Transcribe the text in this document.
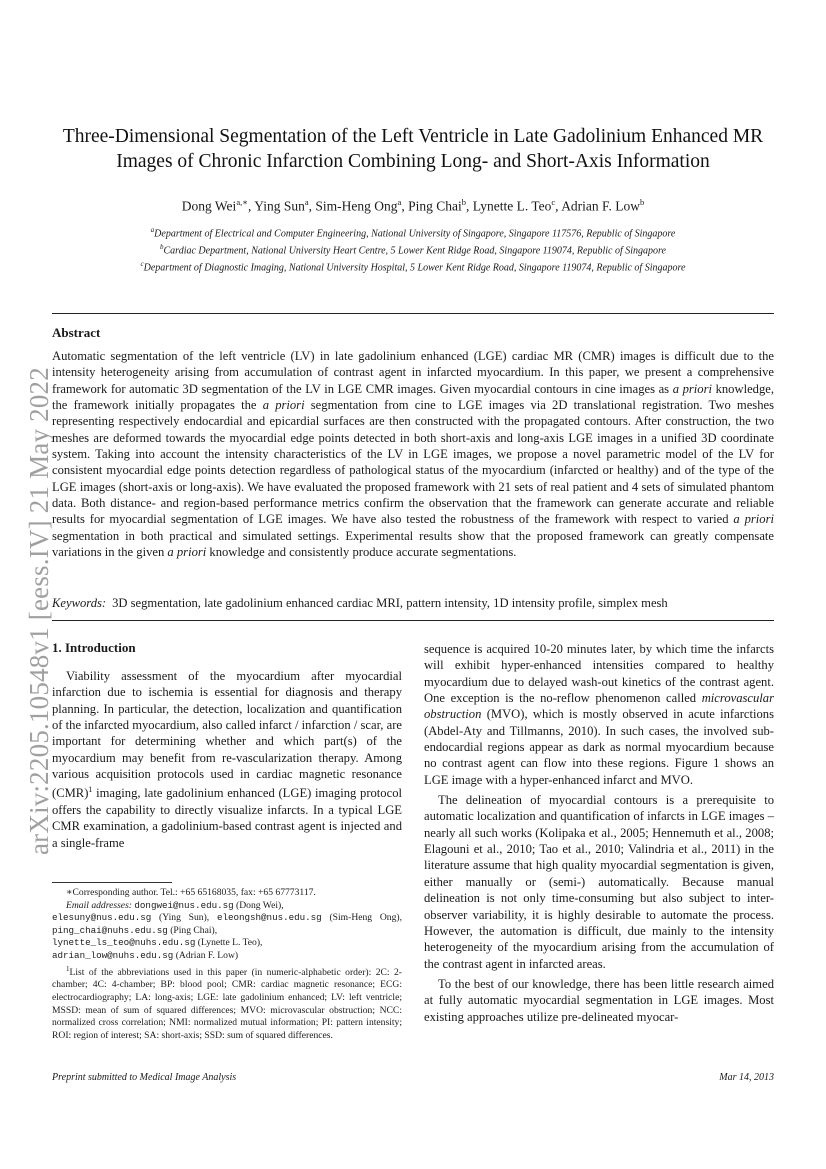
arXiv:2205.10548v1 [eess.IV] 21 May 2022
Three-Dimensional Segmentation of the Left Ventricle in Late Gadolinium Enhanced MR
Images of Chronic Infarction Combining Long- and Short-Axis Information
Dong Wei$^{a,∗}$, Ying Sun$^a$, Sim-Heng Ong$^a$, Ping Chai$^b$, Lynette L. Teo$^c$, Adrian F. Low$^b$
$^a$Department of Electrical and Computer Engineering, National University of Singapore, Singapore 117576, Republic of Singapore
$^b$Cardiac Department, National University Heart Centre, 5 Lower Kent Ridge Road, Singapore 119074, Republic of Singapore
$^c$Department of Diagnostic Imaging, National University Hospital, 5 Lower Kent Ridge Road, Singapore 119074, Republic of Singapore
Abstract
Automatic segmentation of the left ventricle (LV) in late gadolinium enhanced (LGE) cardiac MR (CMR) images is difficult due to the intensity heterogeneity arising from accumulation of contrast agent in infarcted myocardium. In this paper, we present a comprehensive framework for automatic 3D segmentation of the LV in LGE CMR images. Given myocardial contours in cine images as a priori knowledge, the framework initially propagates the a priori segmentation from cine to LGE images via 2D translational registration. Two meshes representing respectively endocardial and epicardial surfaces are then constructed with the propagated contours. After construction, the two meshes are deformed towards the myocardial edge points detected in both short-axis and long-axis LGE images in a unified 3D coordinate system. Taking into account the intensity characteristics of the LV in LGE images, we propose a novel parametric model of the LV for consistent myocardial edge points detection regardless of pathological status of the myocardium (infarcted or healthy) and of the type of the LGE images (short-axis or long-axis). We have evaluated the proposed framework with 21 sets of real patient and 4 sets of simulated phantom data. Both distance- and region-based performance metrics confirm the observation that the framework can generate accurate and reliable results for myocardial segmentation of LGE images. We have also tested the robustness of the framework with respect to varied a priori segmentation in both practical and simulated settings. Experimental results show that the proposed framework can greatly compensate variations in the given a priori knowledge and consistently produce accurate segmentations.
Keywords: 3D segmentation, late gadolinium enhanced cardiac MRI, pattern intensity, 1D intensity profile, simplex mesh
1. Introduction

Viability assessment of the myocardium after myocardial infarction due to ischemia is essential for diagnosis and therapy planning. In particular, the detection, localization and quantification of the infarcted myocardium, also called infarct / infarction / scar, are important for determining whether and which part(s) of the myocardium may benefit from re-vascularization therapy. Among various acquisition protocols used in cardiac magnetic resonance (CMR)$^1$ imaging, late gadolinium enhanced (LGE) imaging protocol offers the capability to directly visualize infarcts. In a typical LGE CMR examination, a gadolinium-based contrast agent is injected and a single-frame

∗Corresponding author. Tel.: +65 65168035, fax: +65 67773117.

Email addresses: dongwei@nus.edu.sg (Dong Wei),

elesuny@nus.edu.sg (Ying Sun), eleongsh@nus.edu.sg (Sim-Heng Ong), ping_chai@nuhs.edu.sg (Ping Chai),
lynette_ls_teo@nuhs.edu.sg (Lynette L. Teo),
adrian_low@nuhs.edu.sg (Adrian F. Low)

$^1$List of the abbreviations used in this paper (in numeric-alphabetic order): 2C: 2-chamber; 4C: 4-chamber; BP: blood pool; CMR: cardiac magnetic resonance; ECG: electrocardiography; LA: long-axis; LGE: late gadolinium enhanced; LV: left ventricle; MSSD: mean of sum of squared differences; MVO: microvascular obstruction; NCC: normalized cross correlation; NMI: normalized mutual information; PI: pattern intensity; ROI: region of interest; SA: short-axis; SSD: sum of squared differences.

sequence is acquired 10-20 minutes later, by which time the infarcts will exhibit hyper-enhanced intensities compared to healthy myocardium due to delayed wash-out kinetics of the contrast agent. One exception is the no-reflow phenomenon called microvascular obstruction (MVO), which is mostly observed in acute infarctions (Abdel-Aty and Tillmanns, 2010). In such cases, the involved sub-endocardial regions appear as dark as normal myocardium because no contrast agent can flow into these regions. Figure 1 shows an LGE image with a hyper-enhanced infarct and MVO.

The delineation of myocardial contours is a prerequisite to automatic localization and quantification of infarcts in LGE images – nearly all such works (Kolipaka et al., 2005; Hennemuth et al., 2008; Elagouni et al., 2010; Tao et al., 2010; Valindria et al., 2011) in the literature assume that high quality myocardial segmentation is given, either manually or (semi-) automatically. Because manual delineation is not only time-consuming but also subject to inter-observer variability, it is highly desirable to automate the process. However, the automation is difficult, due mainly to the intensity heterogeneity of the myocardium arising from the accumulation of the contrast agent in infarcted areas.

To the best of our knowledge, there has been little research aimed at fully automatic myocardial segmentation in LGE images. Most existing approaches utilize pre-delineated myocar-

Preprint submitted to Medical Image Analysis	Mar 14, 2013
